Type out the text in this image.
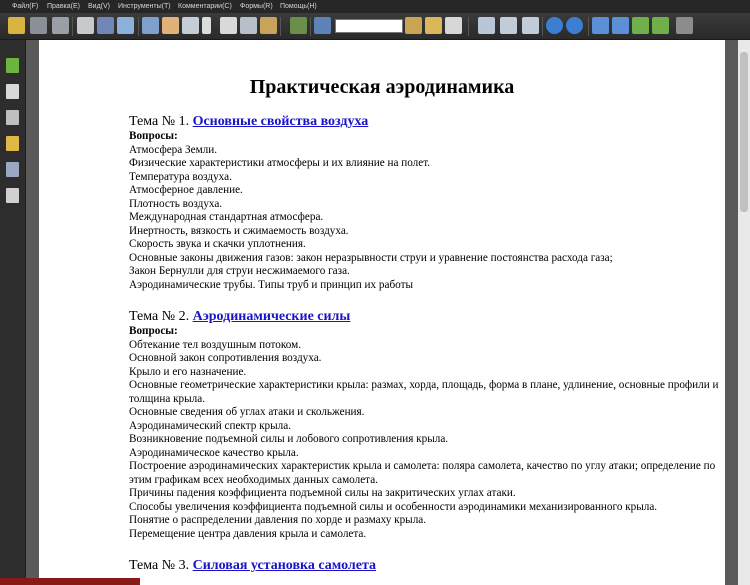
Файл(F) Правка(E) Вид(V) Инструменты(T) Комментарии(C) Формы(R) Помощь(H)
Практическая аэродинамика
Тема № 1. Основные свойства воздуха
Вопросы:
Атмосфера Земли.
Физические характеристики атмосферы и их влияние на полет.
Температура воздуха.
Атмосферное давление.
Плотность воздуха.
Международная стандартная атмосфера.
Инертность, вязкость и сжимаемость воздуха.
Скорость звука и скачки уплотнения.
Основные законы движения газов: закон неразрывности струи и уравнение постоянства расхода газа;
Закон Бернулли для струи несжимаемого газа.
Аэродинамические трубы. Типы труб и принцип их работы
Тема № 2. Аэродинамические силы
Вопросы:
Обтекание тел воздушным потоком.
Основной закон сопротивления воздуха.
Крыло и его назначение.
Основные геометрические характеристики крыла: размах, хорда, площадь, форма в плане, удлинение, основные профили и толщина крыла.
Основные сведения об углах атаки и скольжения.
Аэродинамический спектр крыла.
Возникновение подъемной силы и лобового сопротивления крыла.
Аэродинамическое качество крыла.
Построение аэродинамических характеристик крыла и самолета: поляра самолета, качество по углу атаки; определение по этим графикам всех необходимых данных самолета.
Причины падения коэффициента подъемной силы на закритических углах атаки.
Способы увеличения коэффициента подъемной силы и особенности аэродинамики механизированного крыла.
Понятие о распределении давления по хорде и размаху крыла.
Перемещение центра давления крыла и самолета.
Тема № 3. Силовая установка самолета
